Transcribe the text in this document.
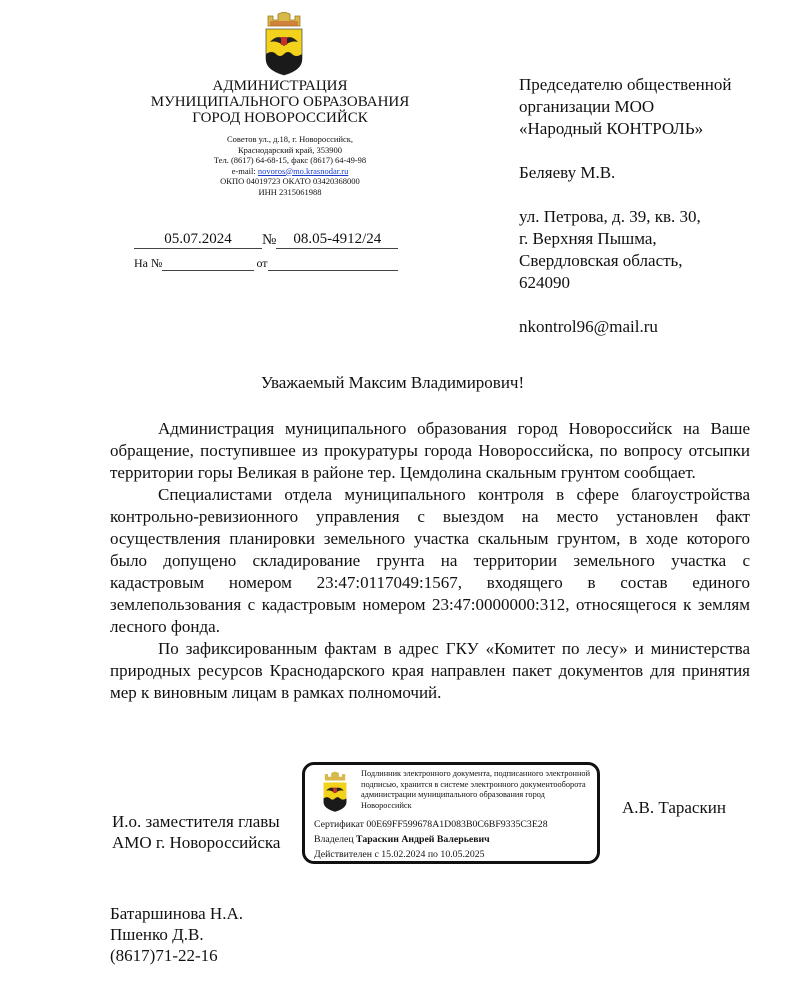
АДМИНИСТРАЦИЯ
МУНИЦИПАЛЬНОГО ОБРАЗОВАНИЯ
ГОРОД НОВОРОССИЙСК
Советов ул., д.18, г. Новороссийск,
Краснодарский край, 353900
Тел. (8617) 64-68-15, факс (8617) 64-49-98
e-mail: novoros@mo.krasnodar.ru
ОКПО 04019723 ОКАТО 03420368000
ИНН 2315061988
05.07.2024	№	08.05-4912/24
На №	от

Председателю общественной

организации МОО

«Народный КОНТРОЛЬ»

Беляеву М.В.

ул. Петрова, д. 39, кв. 30,

г. Верхняя Пышма,

Свердловская область,

624090

nkontrol96@mail.ru

Уважаемый Максим Владимирович!

Администрация муниципального образования город Новороссийск на Ваше обращение, поступившее из прокуратуры города Новороссийска, по вопросу отсыпки территории горы Великая в районе тер. Цемдолина скальным грунтом сообщает.

Специалистами отдела муниципального контроля в сфере благоустройства контрольно-ревизионного управления с выездом на место установлен факт осуществления планировки земельного участка скальным грунтом, в ходе которого было допущено складирование грунта на территории земельного участка с кадастровым номером 23:47:0117049:1567, входящего в состав единого землепользования с кадастровым номером 23:47:0000000:312, относящегося к землям лесного фонда.

По зафиксированным фактам в адрес ГКУ «Комитет по лесу» и министерства природных ресурсов Краснодарского края направлен пакет документов для принятия мер к виновным лицам в рамках полномочий.

И.о. заместителя главы
АМО г. Новороссийска
Подлинник электронного документа, подписанного электронной подписью, хранится в системе электронного документооборота администрации муниципального образования город Новороссийск
Сертификат 00E69FF599678A1D083B0C6BF9335C3E28
Владелец Тараскин Андрей Валерьевич
Действителен с 15.02.2024 по 10.05.2025
А.В. Тараскин
Батаршинова Н.А.
Пшенко Д.В.
(8617)71-22-16
